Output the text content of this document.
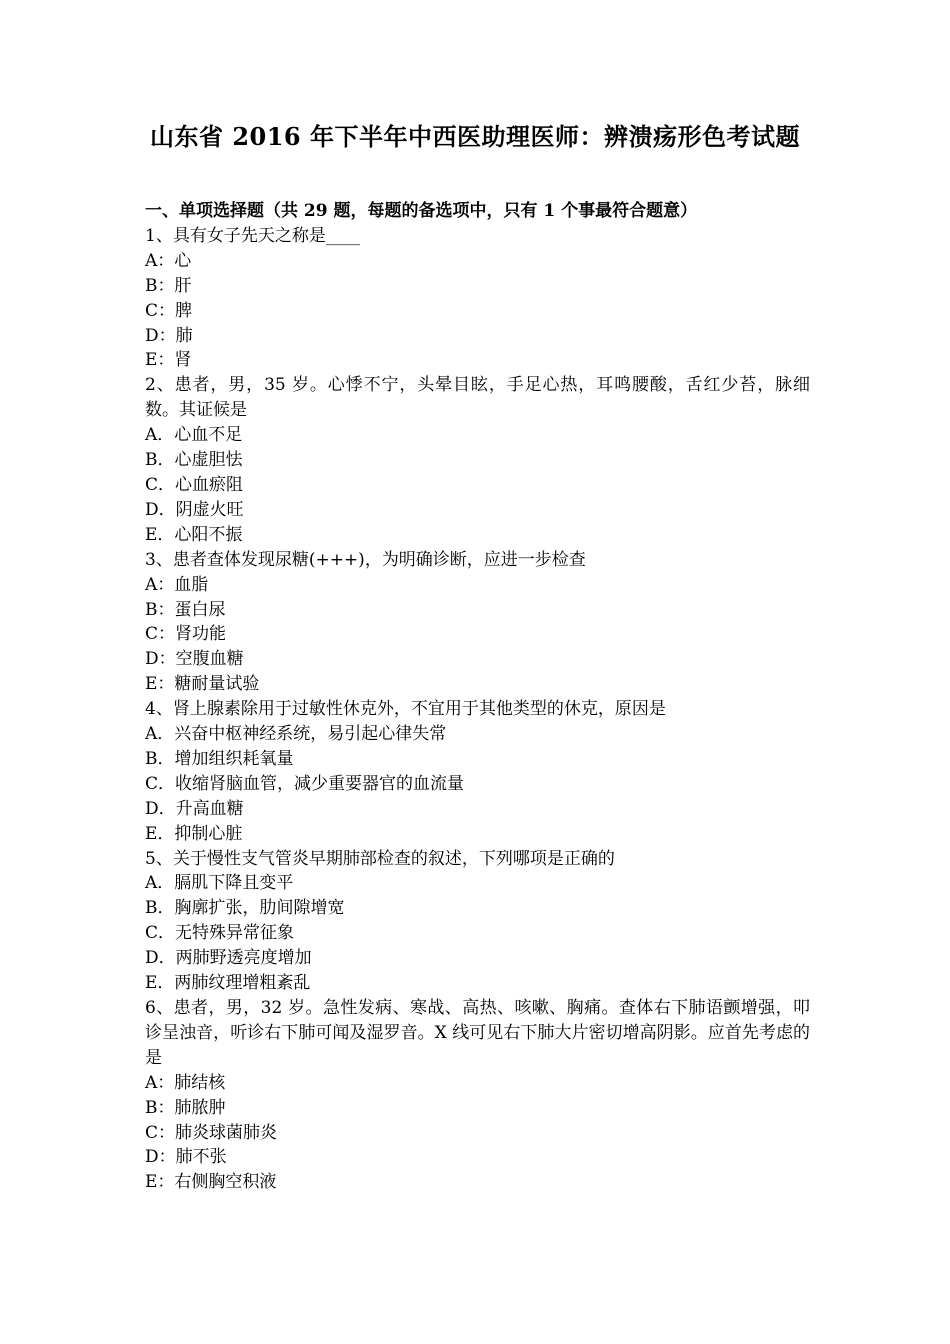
山东省 2016 年下半年中西医助理医师：辨溃疡形色考试题
一、单项选择题（共 29 题，每题的备选项中，只有 1 个事最符合题意）
1、具有女子先天之称是____
A：心
B：肝
C：脾
D：肺
E：肾
2、患者，男，35 岁。心悸不宁，头晕目眩，手足心热，耳鸣腰酸，舌红少苔，脉细数。其证候是
A．心血不足
B．心虚胆怯
C．心血瘀阻
D．阴虚火旺
E．心阳不振
3、患者查体发现尿糖(+++)，为明确诊断，应进一步检查
A：血脂
B：蛋白尿
C：肾功能
D：空腹血糖
E：糖耐量试验
4、肾上腺素除用于过敏性休克外，不宜用于其他类型的休克，原因是
A．兴奋中枢神经系统，易引起心律失常
B．增加组织耗氧量
C．收缩肾脑血管，减少重要器官的血流量
D．升高血糖
E．抑制心脏
5、关于慢性支气管炎早期肺部检查的叙述，下列哪项是正确的
A．膈肌下降且变平
B．胸廓扩张，肋间隙增宽
C．无特殊异常征象
D．两肺野透亮度增加
E．两肺纹理增粗紊乱
6、患者，男，32 岁。急性发病、寒战、高热、咳嗽、胸痛。查体右下肺语颤增强，叩诊呈浊音，听诊右下肺可闻及湿罗音。X 线可见右下肺大片密切增高阴影。应首先考虑的是
A：肺结核
B：肺脓肿
C：肺炎球菌肺炎
D：肺不张
E：右侧胸空积液
